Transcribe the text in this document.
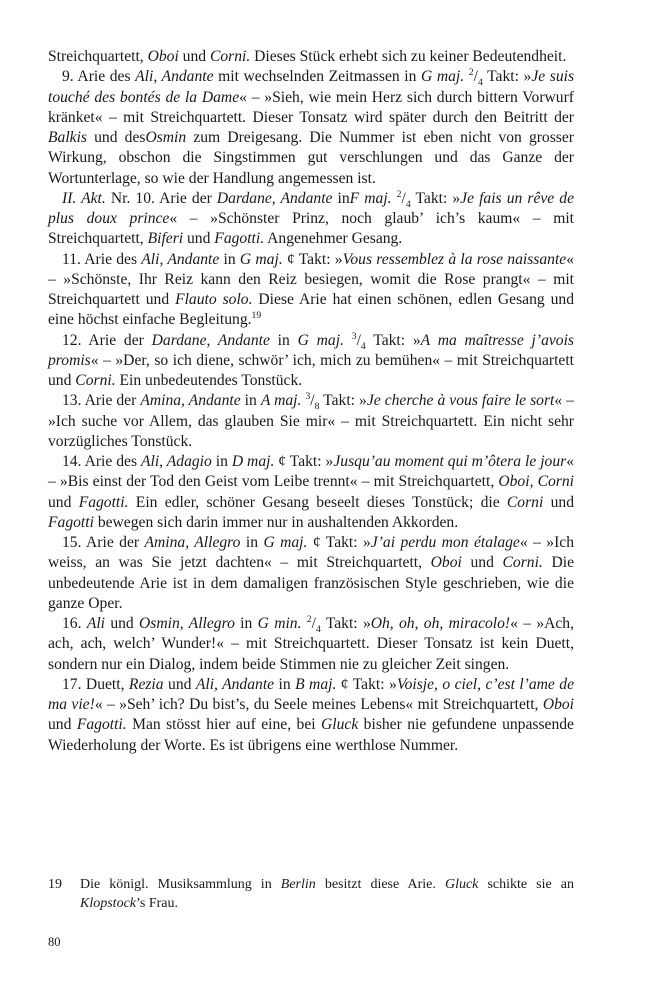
Streichquartett, Oboi und Corni. Dieses Stück erhebt sich zu keiner Bedeutendheit.

9. Arie des Ali, Andante mit wechselnden Zeitmassen in G maj. $^2/_4$ Takt: »Je suis touché des bontés de la Dame« – »Sieh, wie mein Herz sich durch bittern Vorwurf kränket« – mit Streichquartett. Dieser Tonsatz wird später durch den Beitritt der Balkis und desOsmin zum Dreigesang. Die Nummer ist eben nicht von grosser Wirkung, obschon die Singstimmen gut verschlungen und das Ganze der Wortunterlage, so wie der Handlung angemessen ist.

II. Akt. Nr. 10. Arie der Dardane, Andante inF maj. $^2/_4$ Takt: »Je fais un rêve de plus doux prince« – »Schönster Prinz, noch glaub’ ich’s kaum« – mit Streichquartett, Biferi und Fagotti. Angenehmer Gesang.

11. Arie des Ali, Andante in G maj. ¢ Takt: »Vous ressemblez à la rose naissante« – »Schönste, Ihr Reiz kann den Reiz besiegen, womit die Rose prangt« – mit Streichquartett und Flauto solo. Diese Arie hat einen schönen, edlen Gesang und eine höchst einfache Begleitung.$^{19}$

12. Arie der Dardane, Andante in G maj. $^3/_4$ Takt: »A ma maîtresse j’avois promis« – »Der, so ich diene, schwör’ ich, mich zu bemühen« – mit Streichquartett und Corni. Ein unbedeutendes Tonstück.

13. Arie der Amina, Andante in A maj. $^3/_8$ Takt: »Je cherche à vous faire le sort« – »Ich suche vor Allem, das glauben Sie mir« – mit Streichquartett. Ein nicht sehr vorzügliches Tonstück.

14. Arie des Ali, Adagio in D maj. ¢ Takt: »Jusqu’au moment qui m’ôtera le jour« – »Bis einst der Tod den Geist vom Leibe trennt« – mit Streichquartett, Oboi, Corni und Fagotti. Ein edler, schöner Gesang beseelt dieses Tonstück; die Corni und Fagotti bewegen sich darin immer nur in aushaltenden Akkorden.

15. Arie der Amina, Allegro in G maj. ¢ Takt: »J’ai perdu mon étalage« – »Ich weiss, an was Sie jetzt dachten« – mit Streichquartett, Oboi und Corni. Die unbedeutende Arie ist in dem damaligen französischen Style geschrieben, wie die ganze Oper.

16. Ali und Osmin, Allegro in G min. $^2/_4$ Takt: »Oh, oh, oh, miracolo!« – »Ach, ach, ach, welch’ Wunder!« – mit Streichquartett. Dieser Tonsatz ist kein Duett, sondern nur ein Dialog, indem beide Stimmen nie zu gleicher Zeit singen.

17. Duett, Rezia und Ali, Andante in B maj. ¢ Takt: »Voisje, o ciel, c’est l’ame de ma vie!« – »Seh’ ich? Du bist’s, du Seele meines Lebens« mit Streichquartett, Oboi und Fagotti. Man stösst hier auf eine, bei Gluck bisher nie gefundene unpassende Wiederholung der Worte. Es ist übrigens eine werthlose Nummer.

19 Die königl. Musiksammlung in Berlin besitzt diese Arie. Gluck schikte sie an Klopstock’s Frau.
80
